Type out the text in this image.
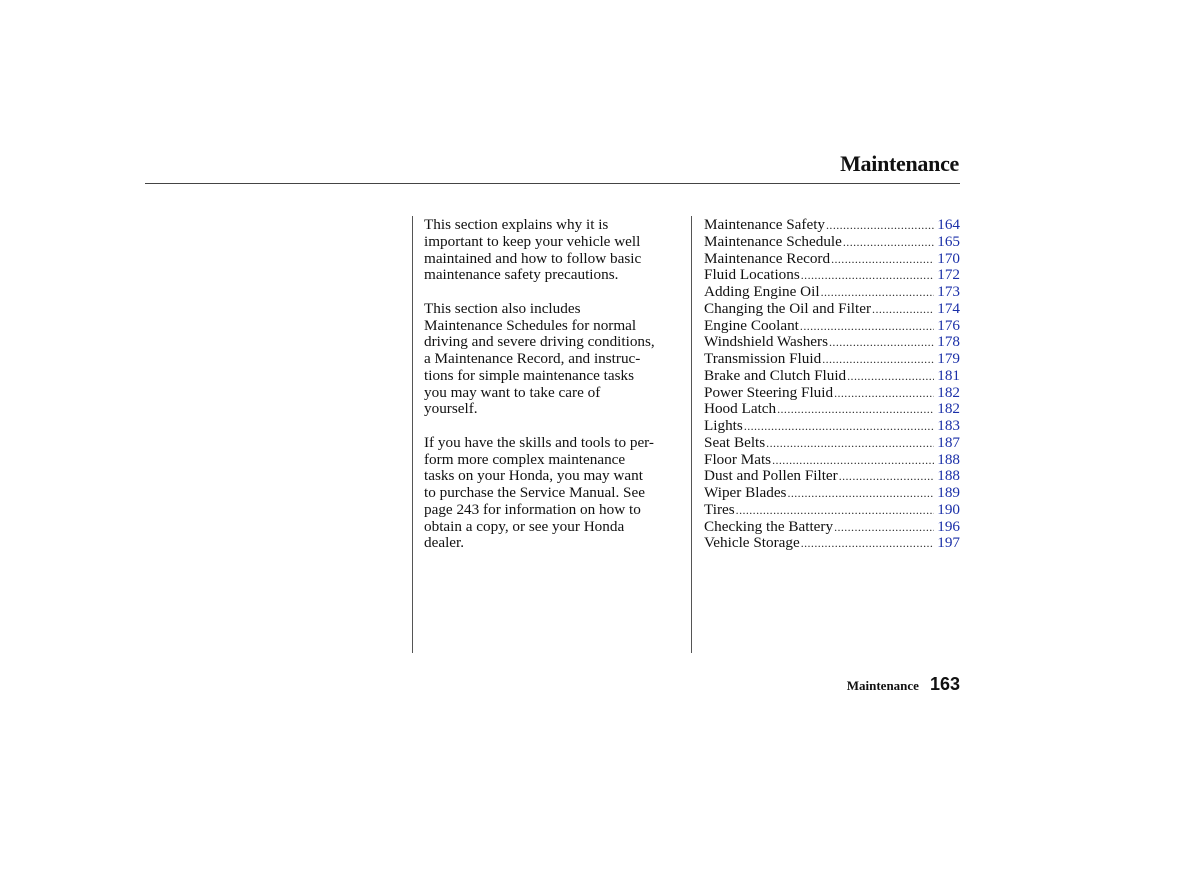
Maintenance

This section explains why it is
important to keep your vehicle well
maintained and how to follow basic
maintenance safety precautions.

This section also includes
Maintenance Schedules for normal
driving and severe driving conditions,
a Maintenance Record, and instruc-
tions for simple maintenance tasks
you may want to take care of
yourself.

If you have the skills and tools to per-
form more complex maintenance
tasks on your Honda, you may want
to purchase the Service Manual. See
page 243 for information on how to
obtain a copy, or see your Honda
dealer.

Maintenance Safety .....	164
Maintenance Schedule .....	165
Maintenance Record .....	170
Fluid Locations .....	172
Adding Engine Oil .....	173
Changing the Oil and Filter .....	174
Engine Coolant .....	176
Windshield Washers .....	178
Transmission Fluid .....	179
Brake and Clutch Fluid .....	181
Power Steering Fluid .....	182
Hood Latch .....	182
Lights .....	183
Seat Belts .....	187
Floor Mats .....	188
Dust and Pollen Filter .....	188
Wiper Blades .....	189
Tires .....	190
Checking the Battery .....	196
Vehicle Storage .....	197
Maintenance 163
